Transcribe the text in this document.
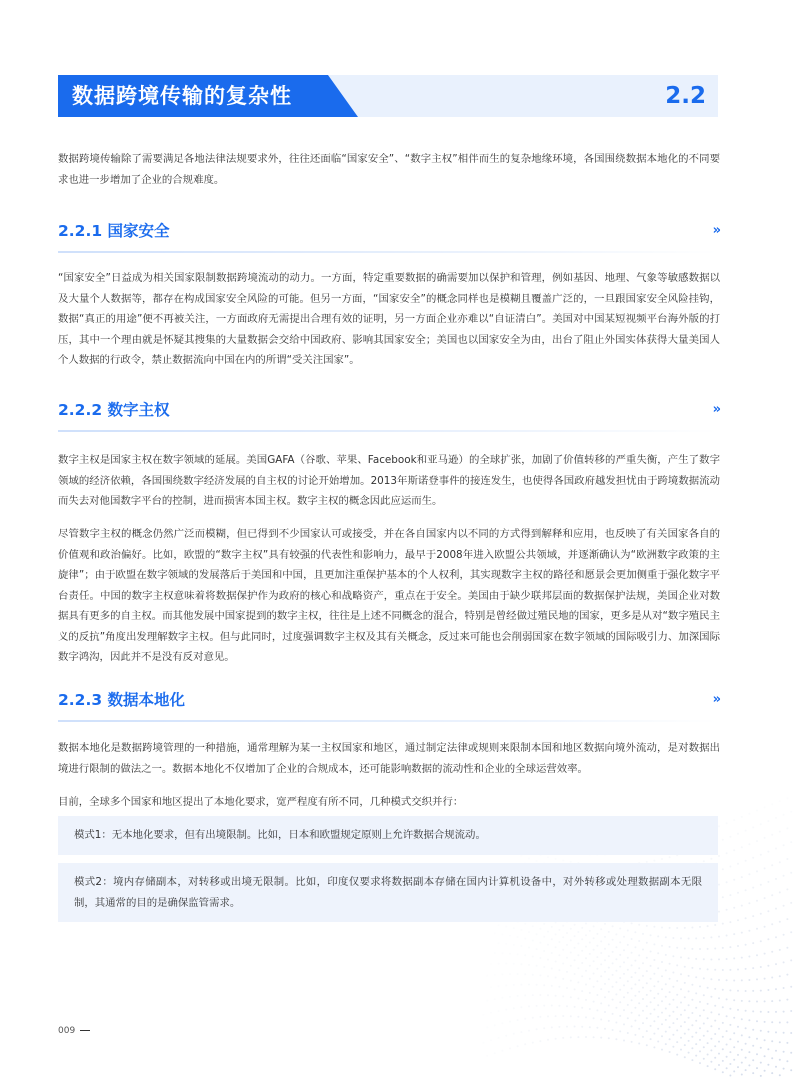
数据跨境传输的复杂性	2.2

数据跨境传输除了需要满足各地法律法规要求外，往往还面临“国家安全”、“数字主权”相伴而生的复杂地缘环境，各国围绕数据本地化的不同要求也进一步增加了企业的合规难度。

2.2.1 国家安全	»

“国家安全”日益成为相关国家限制数据跨境流动的动力。一方面，特定重要数据的确需要加以保护和管理，例如基因、地理、气象等敏感数据以及大量个人数据等，都存在构成国家安全风险的可能。但另一方面，“国家安全”的概念同样也是模糊且覆盖广泛的，一旦跟国家安全风险挂钩，数据“真正的用途”便不再被关注，一方面政府无需提出合理有效的证明，另一方面企业亦难以“自证清白”。美国对中国某短视频平台海外版的打压，其中一个理由就是怀疑其搜集的大量数据会交给中国政府、影响其国家安全；美国也以国家安全为由，出台了阻止外国实体获得大量美国人个人数据的行政令，禁止数据流向中国在内的所谓“受关注国家”。

2.2.2 数字主权	»

数字主权是国家主权在数字领域的延展。美国GAFA（谷歌、苹果、Facebook和亚马逊）的全球扩张，加剧了价值转移的严重失衡，产生了数字领域的经济依赖，各国围绕数字经济发展的自主权的讨论开始增加。2013年斯诺登事件的接连发生，也使得各国政府越发担忧由于跨境数据流动而失去对他国数字平台的控制，进而损害本国主权。数字主权的概念因此应运而生。

尽管数字主权的概念仍然广泛而模糊，但已得到不少国家认可或接受，并在各自国家内以不同的方式得到解释和应用，也反映了有关国家各自的价值观和政治偏好。比如，欧盟的“数字主权”具有较强的代表性和影响力，最早于2008年进入欧盟公共领域，并逐渐确认为“欧洲数字政策的主旋律”；由于欧盟在数字领域的发展落后于美国和中国，且更加注重保护基本的个人权利，其实现数字主权的路径和愿景会更加侧重于强化数字平台责任。中国的数字主权意味着将数据保护作为政府的核心和战略资产，重点在于安全。美国由于缺少联邦层面的数据保护法规，美国企业对数据具有更多的自主权。而其他发展中国家提到的数字主权，往往是上述不同概念的混合，特别是曾经做过殖民地的国家，更多是从对“数字殖民主义的反抗”角度出发理解数字主权。但与此同时，过度强调数字主权及其有关概念，反过来可能也会削弱国家在数字领域的国际吸引力、加深国际数字鸿沟，因此并不是没有反对意见。

2.2.3 数据本地化	»

数据本地化是数据跨境管理的一种措施，通常理解为某一主权国家和地区，通过制定法律或规则来限制本国和地区数据向境外流动，是对数据出境进行限制的做法之一。数据本地化不仅增加了企业的合规成本，还可能影响数据的流动性和企业的全球运营效率。

目前，全球多个国家和地区提出了本地化要求，宽严程度有所不同，几种模式交织并行：

模式1：无本地化要求，但有出境限制。比如，日本和欧盟规定原则上允许数据合规流动。
模式2：境内存储副本，对转移或出境无限制。比如，印度仅要求将数据副本存储在国内计算机设备中，对外转移或处理数据副本无限制，其通常的目的是确保监管需求。
009
